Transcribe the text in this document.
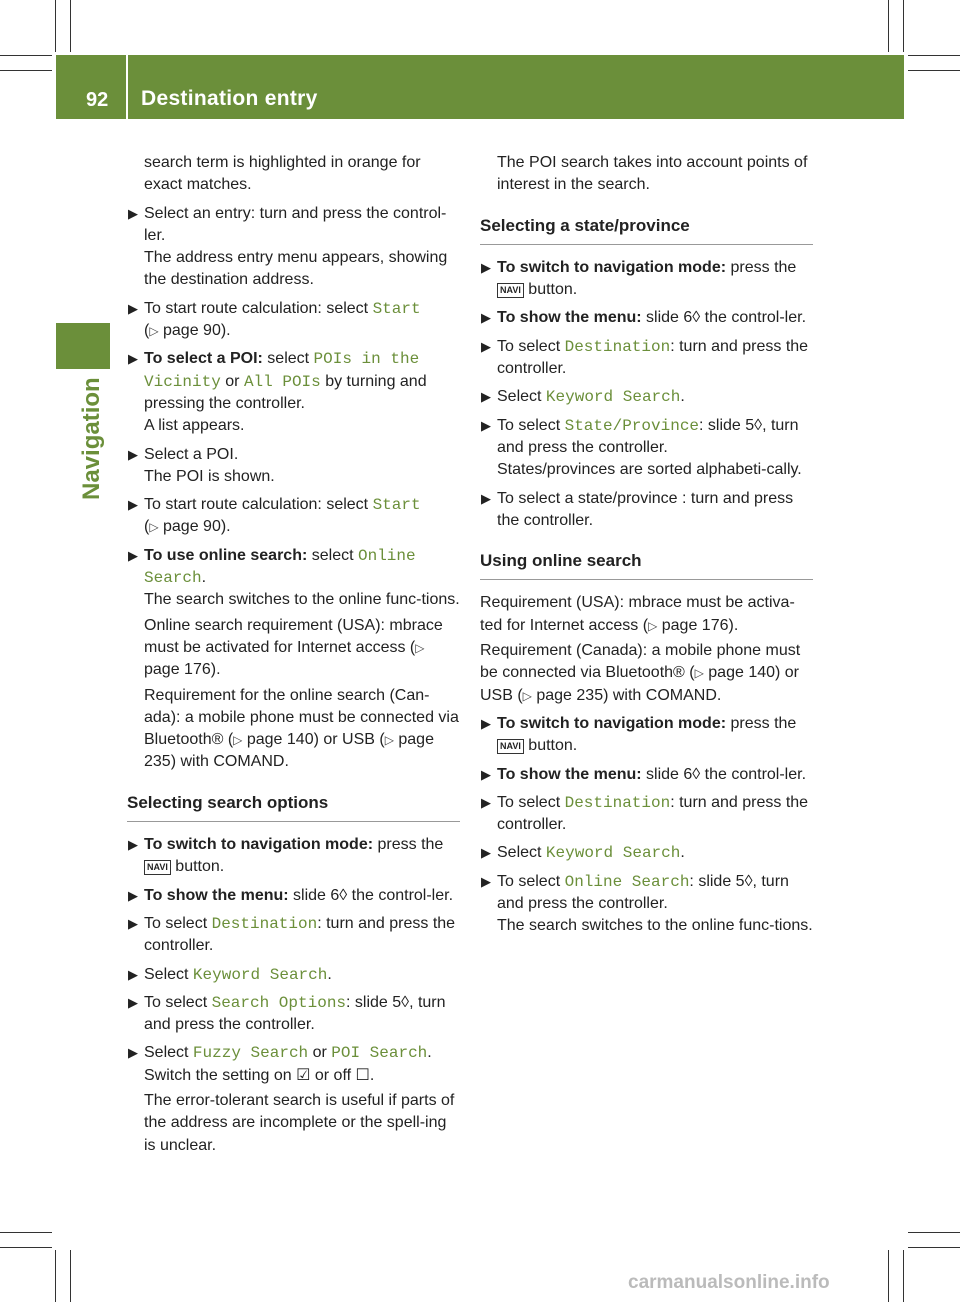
92 Destination entry
Navigation

search term is highlighted in orange for exact matches.

▶ Select an entry: turn and press the control-ler.
The address entry menu appears, showing the destination address.

▶ To start route calculation: select Start
(▷ page 90).

▶ To select a POI: select POIs in the Vicinity or All POIs by turning and pressing the controller.
A list appears.

▶ Select a POI.
The POI is shown.

▶ To start route calculation: select Start
(▷ page 90).

▶ To use online search: select Online Search.
The search switches to the online func-tions.

Online search requirement (USA): mbrace must be activated for Internet access (▷ page 176).

Requirement for the online search (Can-ada): a mobile phone must be connected via Bluetooth® (▷ page 140) or USB (▷ page 235) with COMAND.

Selecting search options

▶ To switch to navigation mode: press the
NAVI button.

▶ To show the menu: slide 6◊ the control-ler.

▶ To select Destination: turn and press the controller.

▶ Select Keyword Search.

▶ To select Search Options: slide 5◊, turn and press the controller.

▶ Select Fuzzy Search or POI Search.
Switch the setting on ☑ or off ☐.

The error-tolerant search is useful if parts of the address are incomplete or the spell-ing is unclear.

The POI search takes into account points of interest in the search.

Selecting a state/province

▶ To switch to navigation mode: press the
NAVI button.

▶ To show the menu: slide 6◊ the control-ler.

▶ To select Destination: turn and press the controller.

▶ Select Keyword Search.

▶ To select State/Province: slide 5◊, turn and press the controller.
States/provinces are sorted alphabeti-cally.

▶ To select a state/province : turn and press the controller.

Using online search

Requirement (USA): mbrace must be activa-ted for Internet access (▷ page 176).

Requirement (Canada): a mobile phone must be connected via Bluetooth® (▷ page 140) or USB (▷ page 235) with COMAND.

▶ To switch to navigation mode: press the
NAVI button.

▶ To show the menu: slide 6◊ the control-ler.

▶ To select Destination: turn and press the controller.

▶ Select Keyword Search.

▶ To select Online Search: slide 5◊, turn and press the controller.
The search switches to the online func-tions.

carmanualsonline.info
